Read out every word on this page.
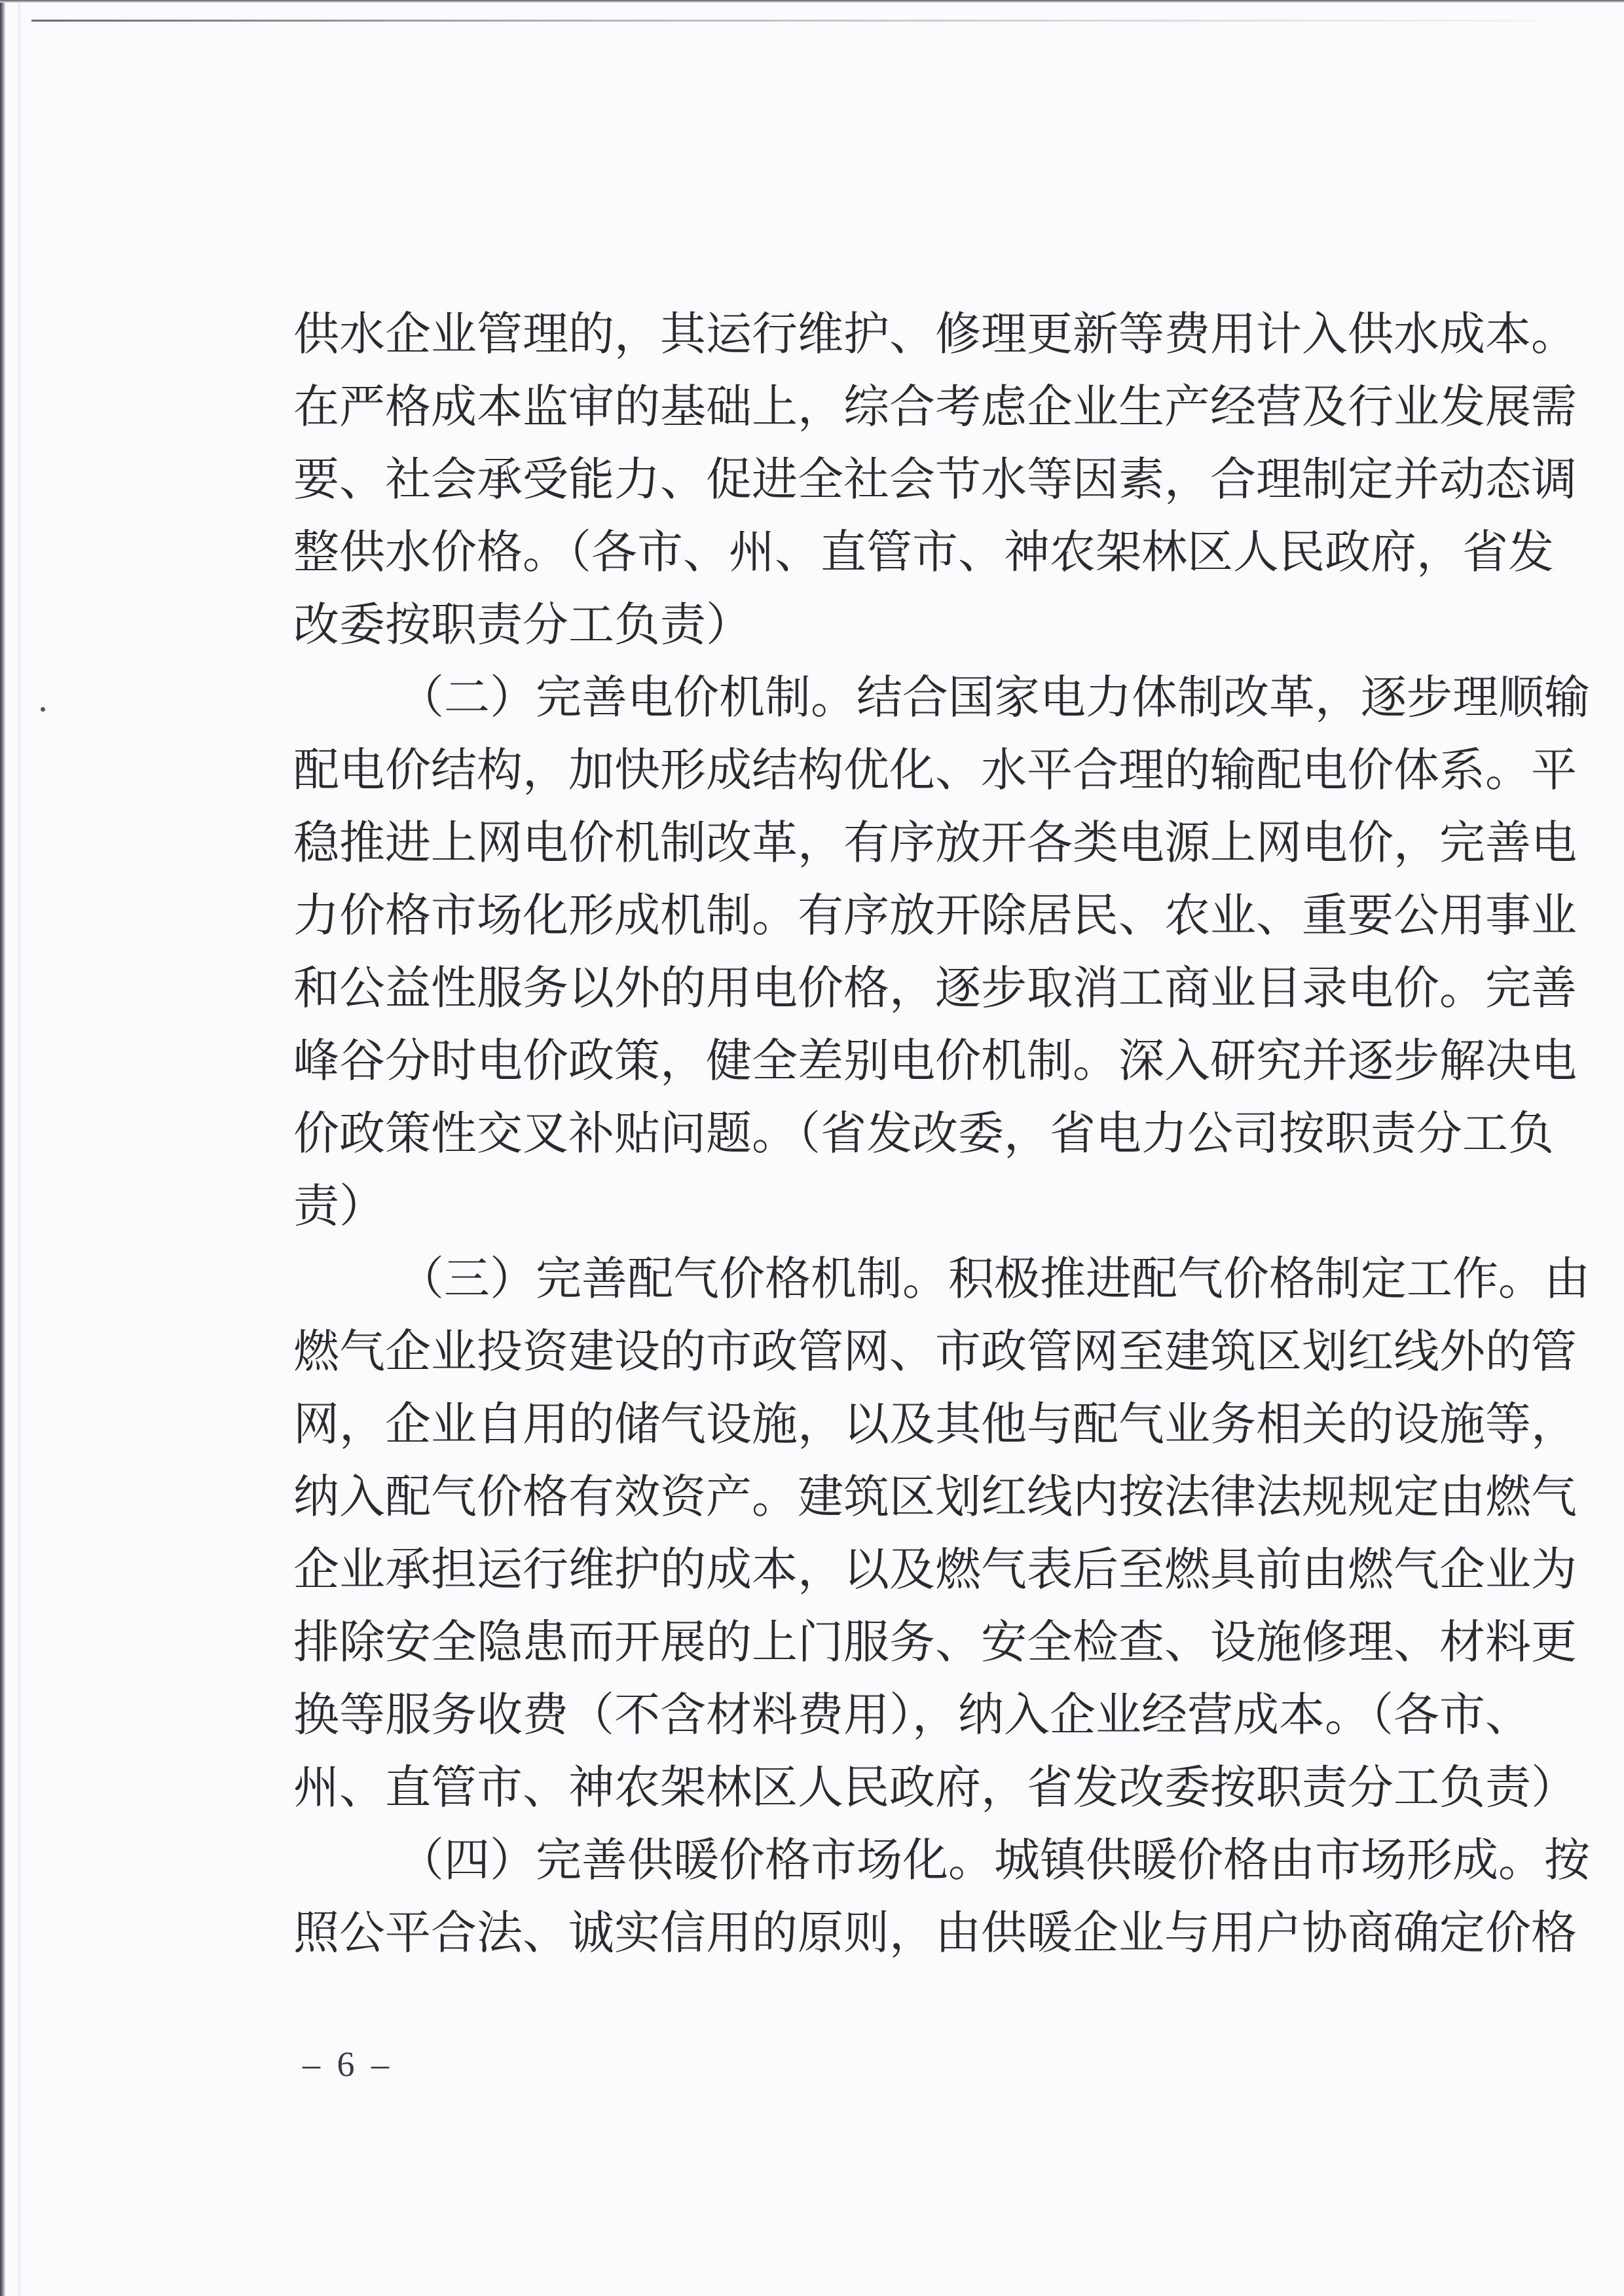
供水企业管理的，其运行维护、修理更新等费用计入供水成本。
在严格成本监审的基础上，综合考虑企业生产经营及行业发展需
要、社会承受能力、促进全社会节水等因素，合理制定并动态调
整供水价格。（各市、州、直管市、神农架林区人民政府，省发
改委按职责分工负责）
（二）完善电价机制。结合国家电力体制改革，逐步理顺输
配电价结构，加快形成结构优化、水平合理的输配电价体系。平
稳推进上网电价机制改革，有序放开各类电源上网电价，完善电
力价格市场化形成机制。有序放开除居民、农业、重要公用事业
和公益性服务以外的用电价格，逐步取消工商业目录电价。完善
峰谷分时电价政策，健全差别电价机制。深入研究并逐步解决电
价政策性交叉补贴问题。（省发改委，省电力公司按职责分工负
责）
（三）完善配气价格机制。积极推进配气价格制定工作。由
燃气企业投资建设的市政管网、市政管网至建筑区划红线外的管
网，企业自用的储气设施，以及其他与配气业务相关的设施等，
纳入配气价格有效资产。建筑区划红线内按法律法规规定由燃气
企业承担运行维护的成本，以及燃气表后至燃具前由燃气企业为
排除安全隐患而开展的上门服务、安全检查、设施修理、材料更
换等服务收费（不含材料费用），纳入企业经营成本。（各市、
州、直管市、神农架林区人民政府，省发改委按职责分工负责）
（四）完善供暖价格市场化。城镇供暖价格由市场形成。按
照公平合法、诚实信用的原则，由供暖企业与用户协商确定价格
– 6 –
